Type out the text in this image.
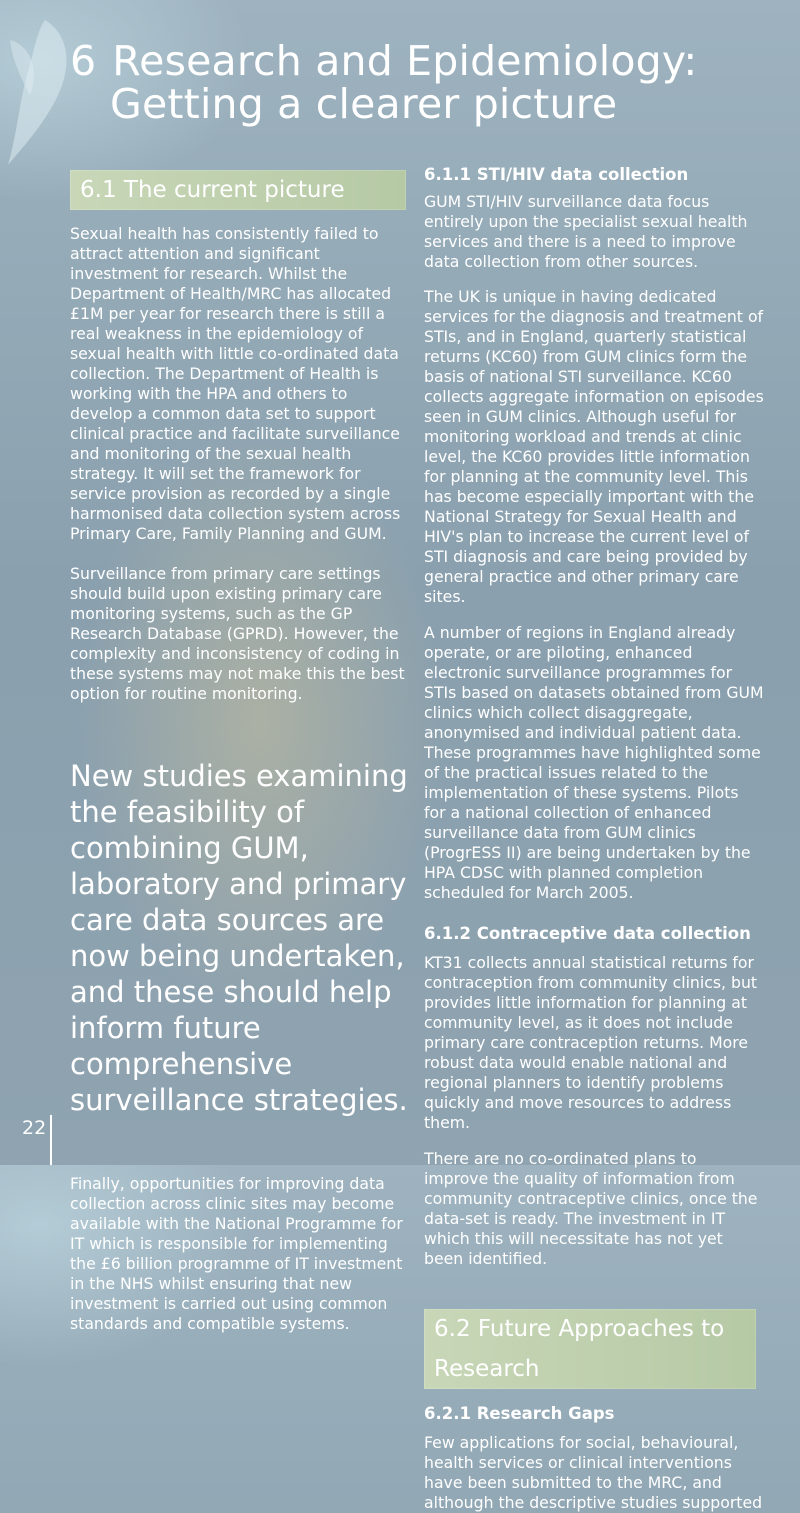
6 Research and Epidemiology:
Getting a clearer picture
6.1 The current picture

Sexual health has consistently failed to attract attention and significant investment for research. Whilst the Department of Health/MRC has allocated £1M per year for research there is still a real weakness in the epidemiology of sexual health with little co-ordinated data collection. The Department of Health is working with the HPA and others to develop a common data set to support clinical practice and facilitate surveillance and monitoring of the sexual health strategy. It will set the framework for service provision as recorded by a single harmonised data collection system across Primary Care, Family Planning and GUM.

Surveillance from primary care settings should build upon existing primary care monitoring systems, such as the GP Research Database (GPRD). However, the complexity and inconsistency of coding in these systems may not make this the best option for routine monitoring.

New studies examining the feasibility of combining GUM, laboratory and primary care data sources are now being undertaken, and these should help inform future comprehensive surveillance strategies.

Finally, opportunities for improving data collection across clinic sites may become available with the National Programme for IT which is responsible for implementing the £6 billion programme of IT investment in the NHS whilst ensuring that new investment is carried out using common standards and compatible systems.

6.1.1 STI/HIV data collection

GUM STI/HIV surveillance data focus entirely upon the specialist sexual health services and there is a need to improve data collection from other sources.

The UK is unique in having dedicated services for the diagnosis and treatment of STIs, and in England, quarterly statistical returns (KC60) from GUM clinics form the basis of national STI surveillance. KC60 collects aggregate information on episodes seen in GUM clinics. Although useful for monitoring workload and trends at clinic level, the KC60 provides little information for planning at the community level. This has become especially important with the National Strategy for Sexual Health and HIV's plan to increase the current level of STI diagnosis and care being provided by general practice and other primary care sites.

A number of regions in England already operate, or are piloting, enhanced electronic surveillance programmes for STIs based on datasets obtained from GUM clinics which collect disaggregate, anonymised and individual patient data. These programmes have highlighted some of the practical issues related to the implementation of these systems. Pilots for a national collection of enhanced surveillance data from GUM clinics (ProgrESS II) are being undertaken by the HPA CDSC with planned completion scheduled for March 2005.

6.1.2 Contraceptive data collection

KT31 collects annual statistical returns for contraception from community clinics, but provides little information for planning at community level, as it does not include primary care contraception returns. More robust data would enable national and regional planners to identify problems quickly and move resources to address them.

There are no co-ordinated plans to improve the quality of information from community contraceptive clinics, once the data-set is ready. The investment in IT which this will necessitate has not yet been identified.

6.2 Future Approaches to Research
6.2.1 Research Gaps

Few applications for social, behavioural, health services or clinical interventions have been submitted to the MRC, and although the descriptive studies supported

22
